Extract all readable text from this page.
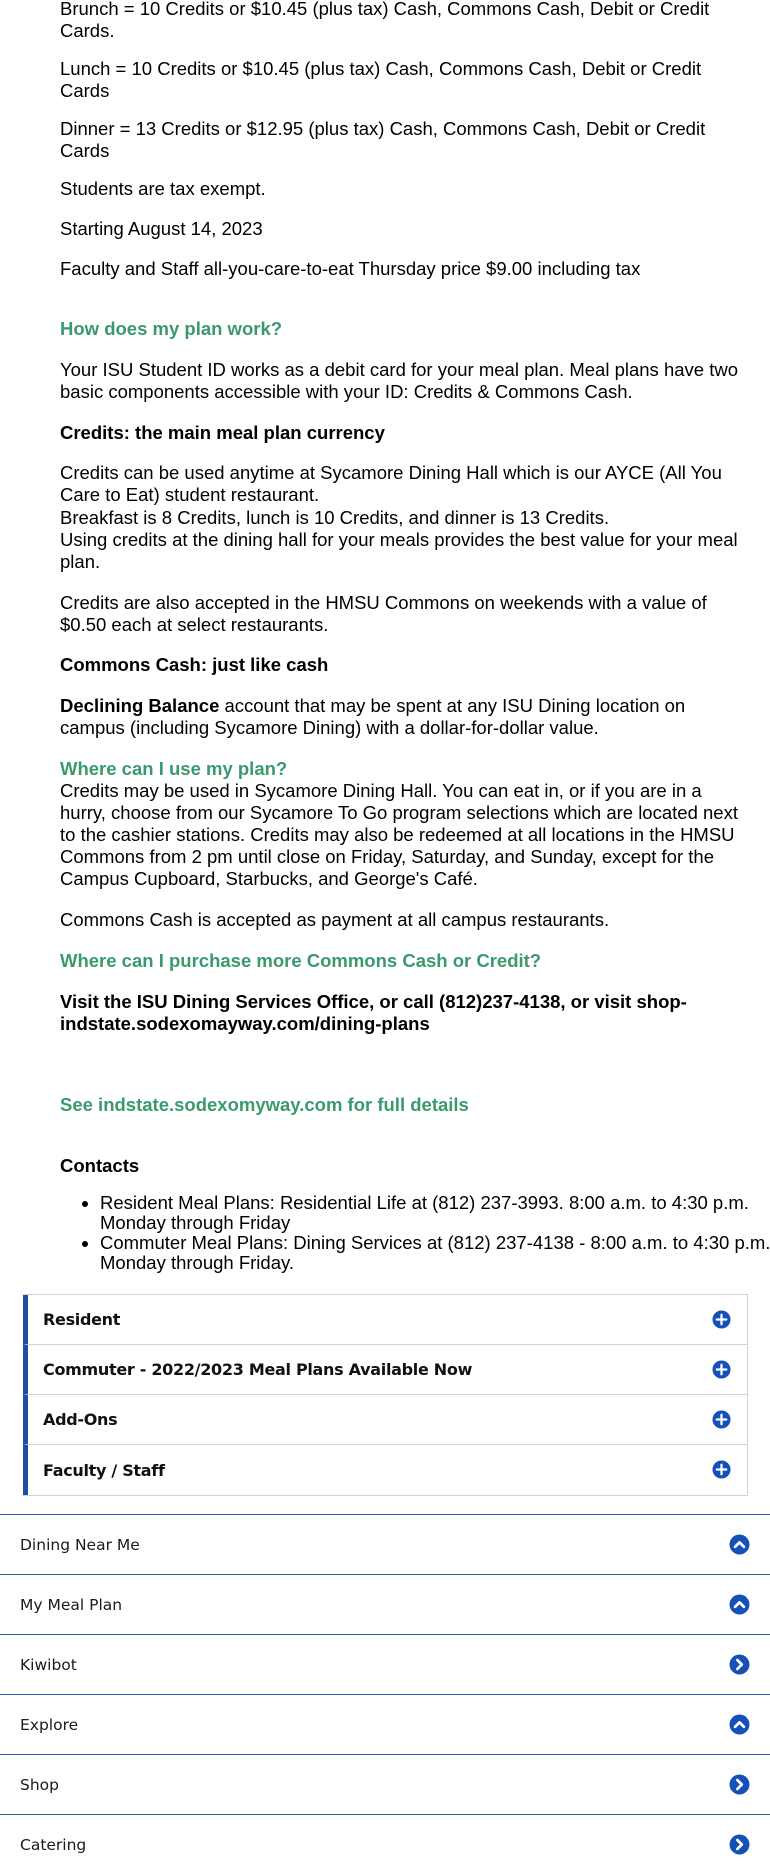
Brunch = 10 Credits or $10.45 (plus tax) Cash, Commons Cash, Debit or Credit Cards.

Lunch = 10 Credits or $10.45 (plus tax) Cash, Commons Cash, Debit or Credit Cards

Dinner = 13 Credits or $12.95 (plus tax) Cash, Commons Cash, Debit or Credit Cards

Students are tax exempt.

Starting August 14, 2023

Faculty and Staff all-you-care-to-eat Thursday price $9.00 including tax

How does my plan work?

Your ISU Student ID works as a debit card for your meal plan. Meal plans have two basic components accessible with your ID: Credits & Commons Cash.

Credits: the main meal plan currency

Credits can be used anytime at Sycamore Dining Hall which is our AYCE (All You Care to Eat) student restaurant.

Breakfast is 8 Credits, lunch is 10 Credits, and dinner is 13 Credits.

Using credits at the dining hall for your meals provides the best value for your meal plan.

Credits are also accepted in the HMSU Commons on weekends with a value of $0.50 each at select restaurants.

Commons Cash: just like cash

Declining Balance account that may be spent at any ISU Dining location on campus (including Sycamore Dining) with a dollar-for-dollar value.

Where can I use my plan?

Credits may be used in Sycamore Dining Hall. You can eat in, or if you are in a hurry, choose from our Sycamore To Go program selections which are located next to the cashier stations. Credits may also be redeemed at all locations in the HMSU Commons from 2 pm until close on Friday, Saturday, and Sunday, except for the Campus Cupboard, Starbucks, and George's Café.

Commons Cash is accepted as payment at all campus restaurants.

Where can I purchase more Commons Cash or Credit?

Visit the ISU Dining Services Office, or call (812)237-4138, or visit shop-indstate.sodexomayway.com/dining-plans

See indstate.sodexomyway.com for full details
Contacts
• Resident Meal Plans: Residential Life at (812) 237-3993. 8:00 a.m. to 4:30 p.m. Monday through Friday
• Commuter Meal Plans: Dining Services at (812) 237-4138 - 8:00 a.m. to 4:30 p.m. Monday through Friday.
Resident
Commuter - 2022/2023 Meal Plans Available Now
Add-Ons
Faculty / Staff
Dining Near Me
My Meal Plan
Kiwibot
Explore
Shop
Catering
